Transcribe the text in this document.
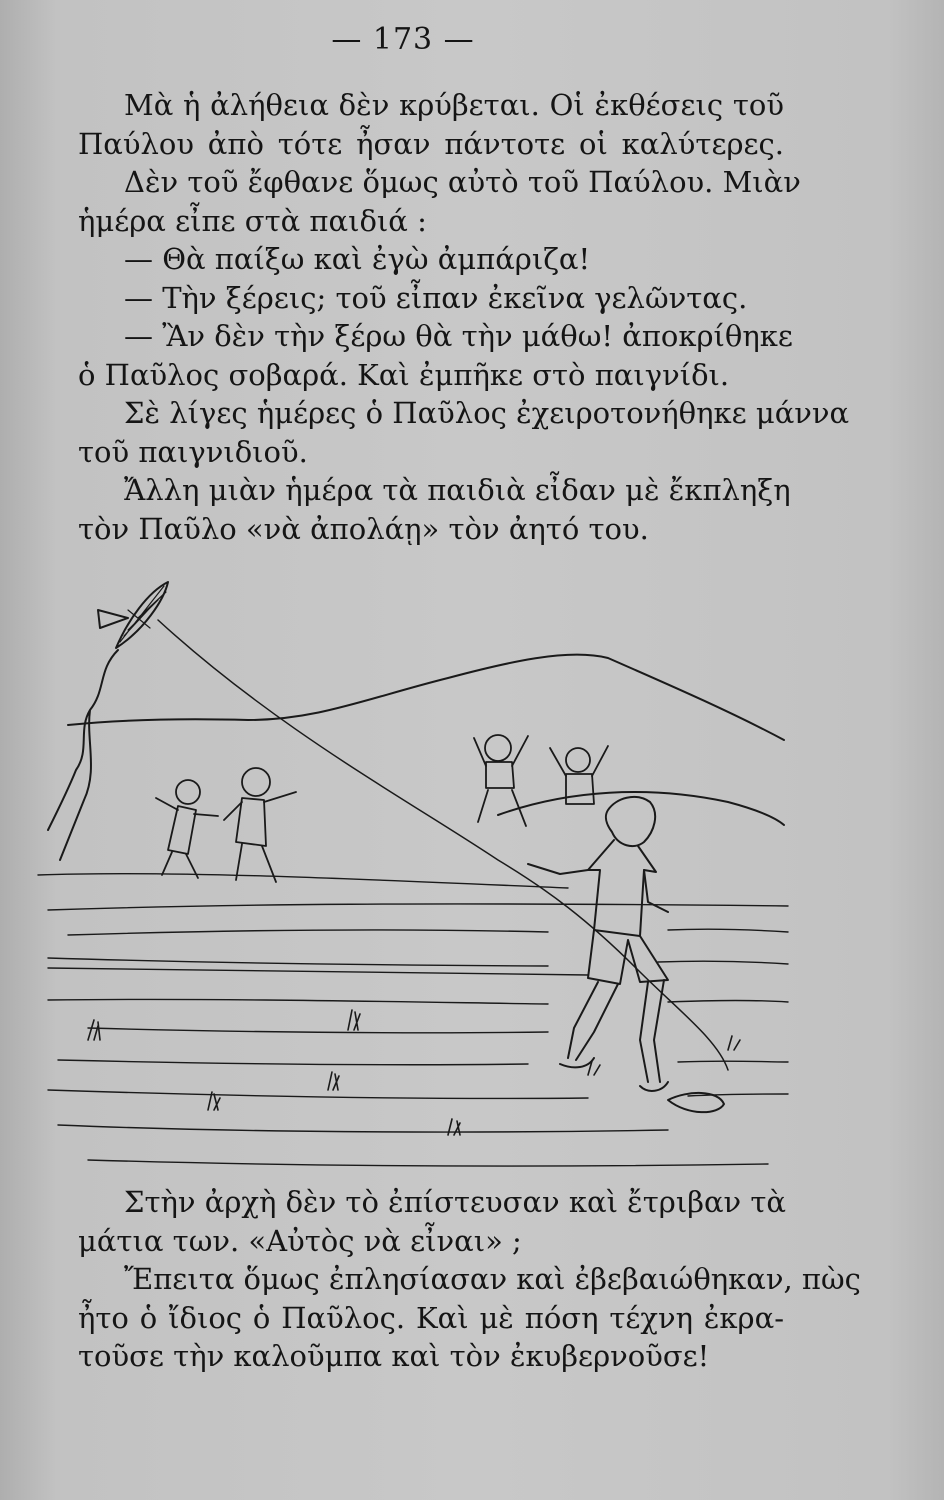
— 173 —
Μὰ ἡ ἀλήθεια δὲν κρύβεται. Οἱ ἐκθέσεις τοῦ
Παύλου ἀπὸ τότε ἦσαν πάντοτε οἱ καλύτερες.
Δὲν τοῦ ἔφθανε ὅμως αὐτὸ τοῦ Παύλου. Μιὰν
ἡμέρα εἶπε στὰ παιδιά :
— Θὰ παίξω καὶ ἐγὼ ἀμπάριζα!
— Τὴν ξέρεις; τοῦ εἶπαν ἐκεῖνα γελῶντας.
— Ἂν δὲν τὴν ξέρω θὰ τὴν μάθω! ἀποκρίθηκε
ὁ Παῦλος σοβαρά. Καὶ ἐμπῆκε στὸ παιγνίδι.
Σὲ λίγες ἡμέρες ὁ Παῦλος ἐχειροτονήθηκε μάννα
τοῦ παιγνιδιοῦ.
Ἄλλη μιὰν ἡμέρα τὰ παιδιὰ εἶδαν μὲ ἔκπληξη
τὸν Παῦλο «νὰ ἀπολάῃ» τὸν ἀητό του.
Στὴν ἀρχὴ δὲν τὸ ἐπίστευσαν καὶ ἔτριβαν τὰ
μάτια των. «Αὐτὸς νὰ εἶναι» ;
Ἔπειτα ὅμως ἐπλησίασαν καὶ ἐβεβαιώθηκαν, πὼς
ἦτο ὁ ἴδιος ὁ Παῦλος. Καὶ μὲ πόση τέχνη ἐκρα-
τοῦσε τὴν καλοῦμπα καὶ τὸν ἐκυβερνοῦσε!
